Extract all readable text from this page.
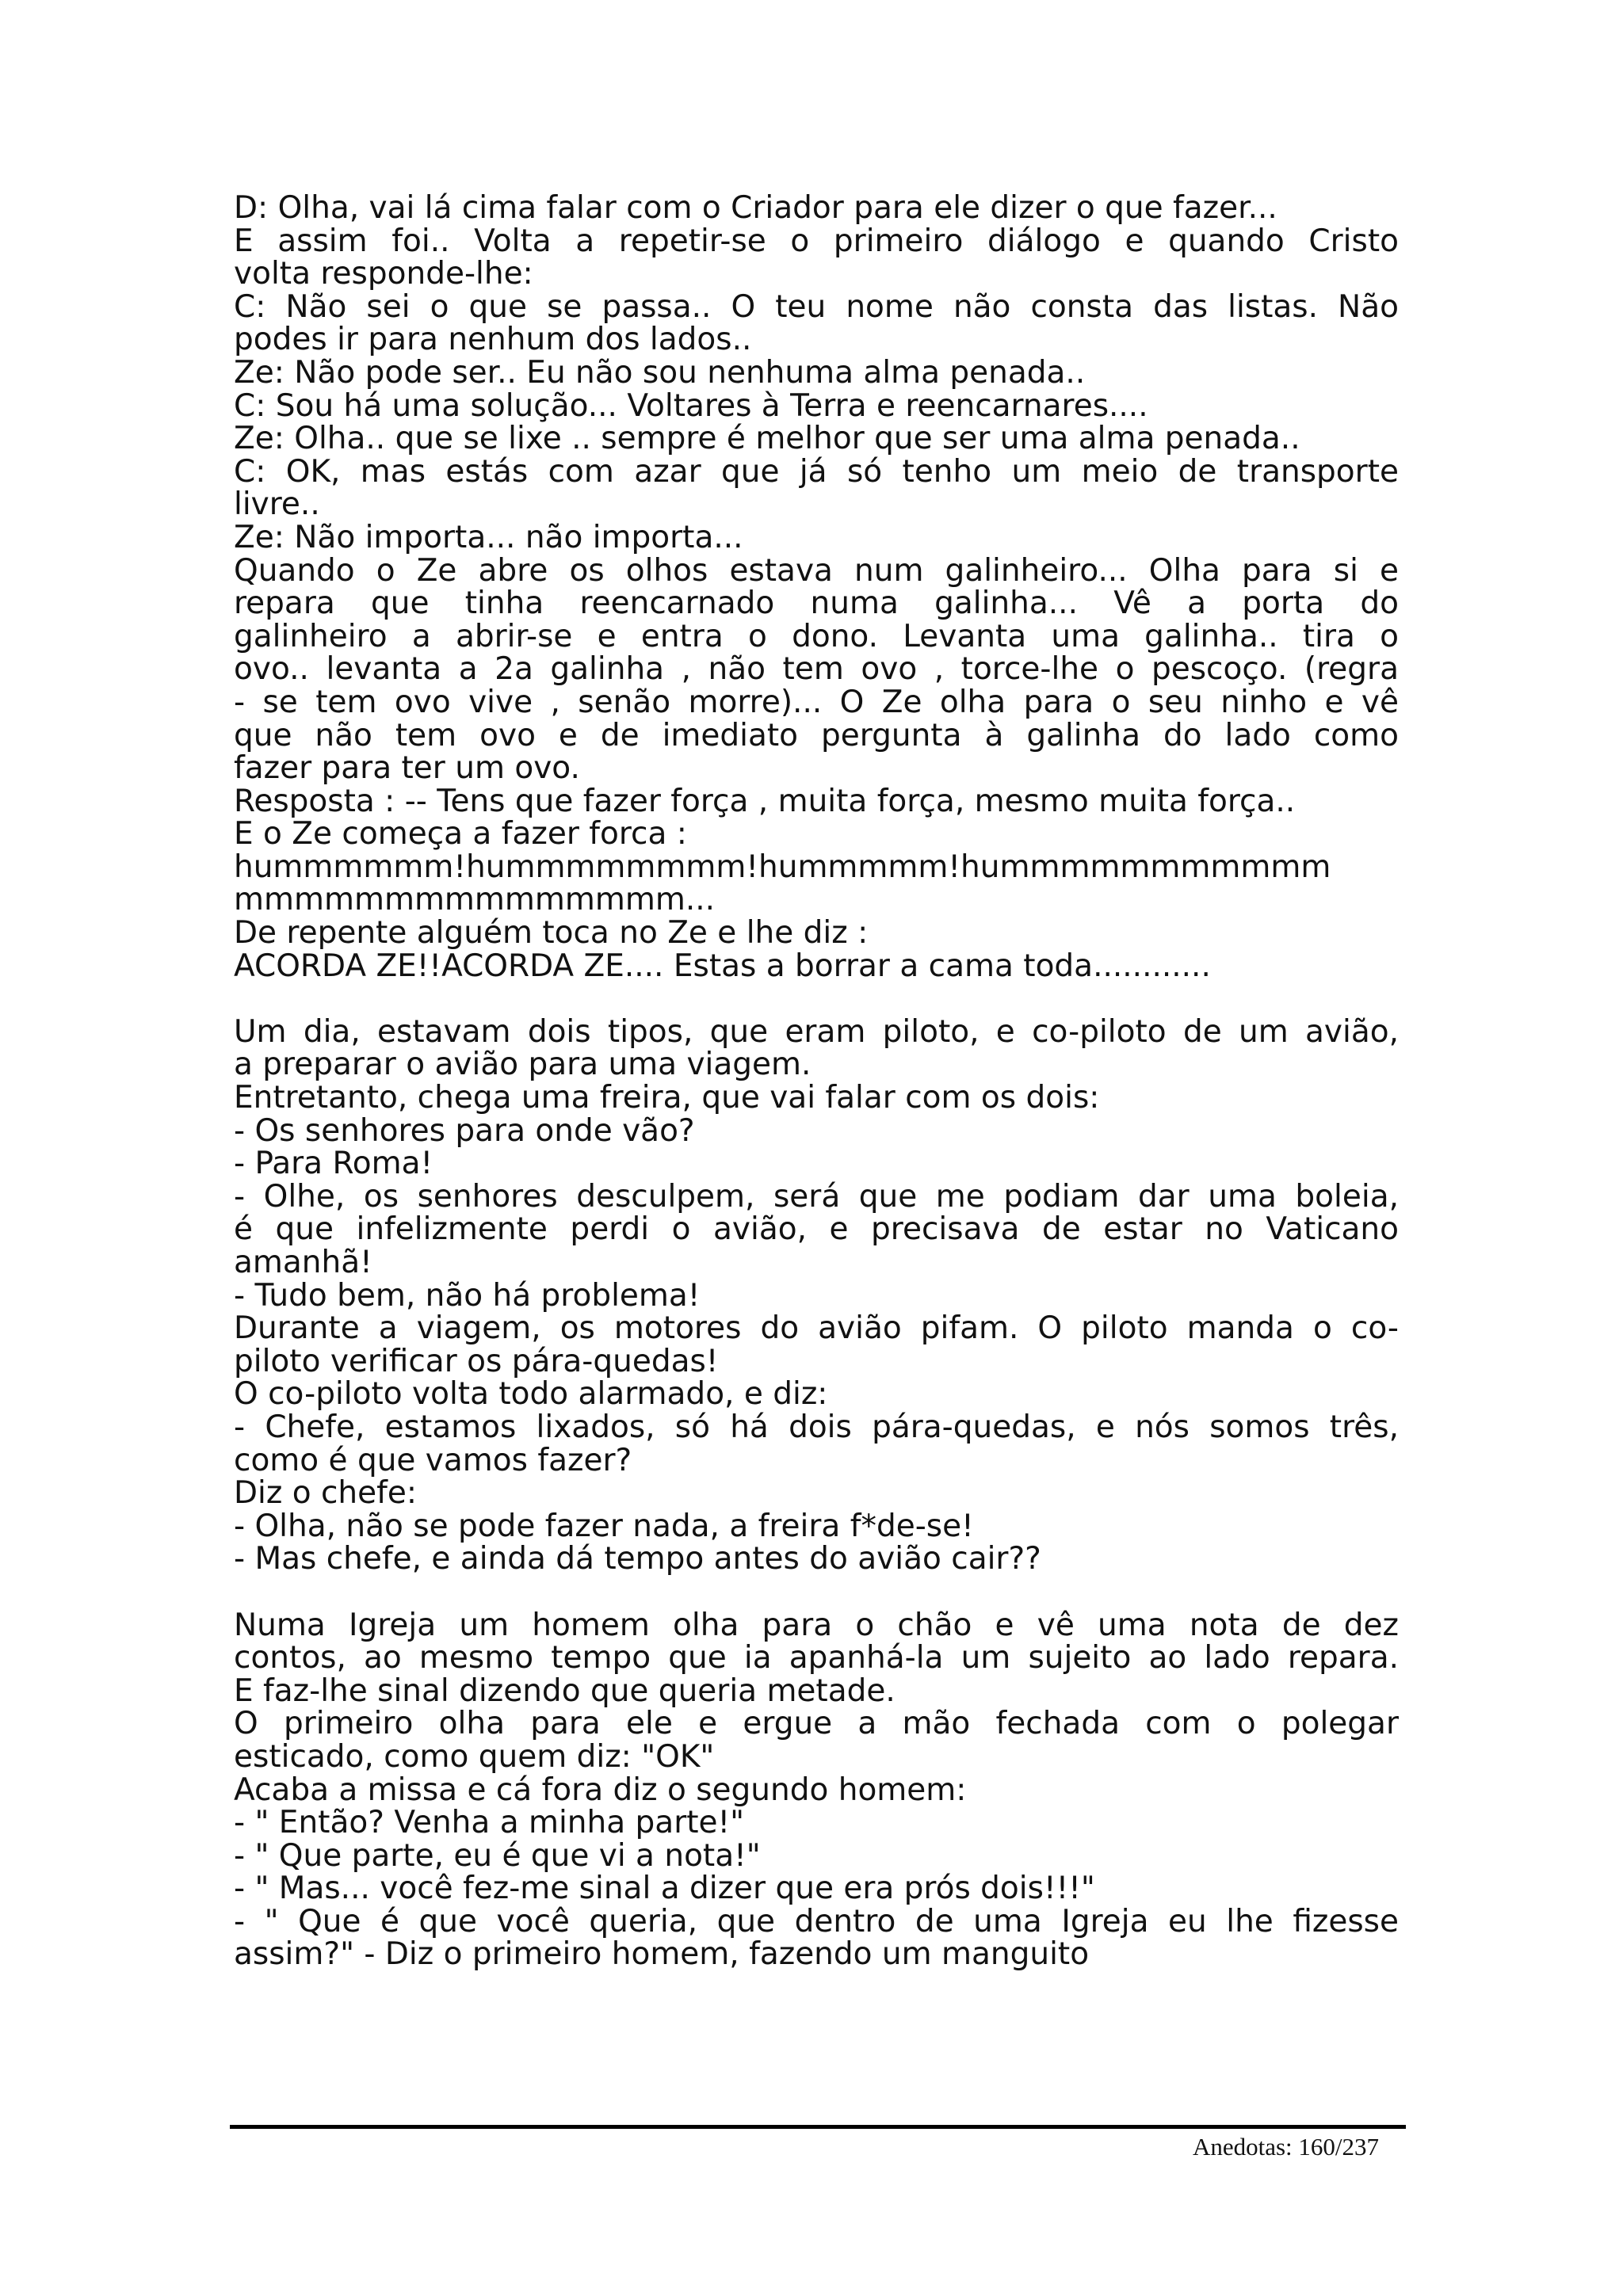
D: Olha, vai lá cima falar com o Criador para ele dizer o que fazer...
E assim foi.. Volta a repetir-se o primeiro diálogo e quando Cristo
volta responde-lhe:
C: Não sei o que se passa.. O teu nome não consta das listas. Não
podes ir para nenhum dos lados..
Ze: Não pode ser.. Eu não sou nenhuma alma penada..
C: Sou há uma solução... Voltares à Terra e reencarnares....
Ze: Olha.. que se lixe .. sempre é melhor que ser uma alma penada..
C: OK, mas estás com azar que já só tenho um meio de transporte
livre..
Ze: Não importa... não importa...
Quando o Ze abre os olhos estava num galinheiro... Olha para si e
repara que tinha reencarnado numa galinha... Vê a porta do
galinheiro a abrir-se e entra o dono. Levanta uma galinha.. tira o
ovo.. levanta a 2a galinha , não tem ovo , torce-lhe o pescoço. (regra
- se tem ovo vive , senão morre)... O Ze olha para o seu ninho e vê
que não tem ovo e de imediato pergunta à galinha do lado como
fazer para ter um ovo.
Resposta : -- Tens que fazer força , muita força, mesmo muita força..
E o Ze começa a fazer forca :
hummmmmm!hummmmmmmm!hummmmm!hummmmmmmmmmm
mmmmmmmmmmmmmmm...
De repente alguém toca no Ze e lhe diz :
ACORDA ZE!!ACORDA ZE.... Estas a borrar a cama toda............
Um dia, estavam dois tipos, que eram piloto, e co-piloto de um avião,
a preparar o avião para uma viagem.
Entretanto, chega uma freira, que vai falar com os dois:
- Os senhores para onde vão?
- Para Roma!
- Olhe, os senhores desculpem, será que me podiam dar uma boleia,
é que infelizmente perdi o avião, e precisava de estar no Vaticano
amanhã!
- Tudo bem, não há problema!
Durante a viagem, os motores do avião pifam. O piloto manda o co-
piloto verificar os pára-quedas!
O co-piloto volta todo alarmado, e diz:
- Chefe, estamos lixados, só há dois pára-quedas, e nós somos três,
como é que vamos fazer?
Diz o chefe:
- Olha, não se pode fazer nada, a freira f*de-se!
- Mas chefe, e ainda dá tempo antes do avião cair??
Numa Igreja um homem olha para o chão e vê uma nota de dez
contos, ao mesmo tempo que ia apanhá-la um sujeito ao lado repara.
E faz-lhe sinal dizendo que queria metade.
O primeiro olha para ele e ergue a mão fechada com o polegar
esticado, como quem diz: "OK"
Acaba a missa e cá fora diz o segundo homem:
- " Então? Venha a minha parte!"
- " Que parte, eu é que vi a nota!"
- " Mas... você fez-me sinal a dizer que era prós dois!!!"
- " Que é que você queria, que dentro de uma Igreja eu lhe fizesse
assim?" - Diz o primeiro homem, fazendo um manguito
Anedotas: 160/237
